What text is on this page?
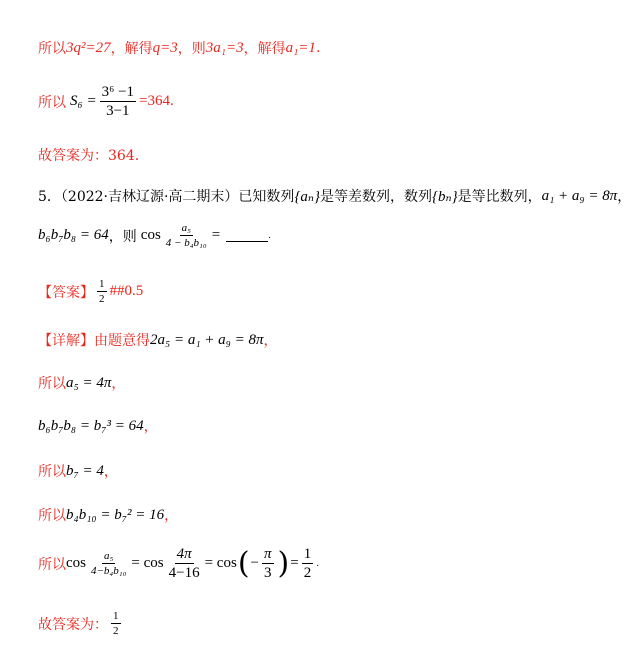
所以 3q²=27 ，解得 q=3 ，则 3a₁=3 ，解得 a₁=1 .
所以 $S_6 = \frac{\text{3⁶ −1}}{3-1} =364$.
故答案为：364.
5．（2022·吉林辽源·高二期末）已知数列 {aₙ} 是等差数列，数列 {bₙ} 是等比数列， a₁ + a₉ = 8π ，
b₆b₇b₈ = 64 ，则 $\cos \frac{\text{a₅}}{\text{4 − b₄b₁₀}}$ =	.
【答案】 $\frac{1}{2}$ ##0.5
【详解】由题意得 2a₅ = a₁ + a₉ = 8π ，
所以 a₅ = 4π ，
b₆b₇b₈ = b₇³ = 64 ，
所以 b₇ = 4 ，
所以 b₄b₁₀ = b₇² = 16 ，
所以 $\cos \frac{\text{a₅}}{\text{4−b₄b₁₀}} = \cos \frac{4\pi}{4-16} = \cos$ ( − $\frac{\pi}{3}$ ) = $\frac{1}{2}$ .
故答案为： $\frac{1}{2}$
